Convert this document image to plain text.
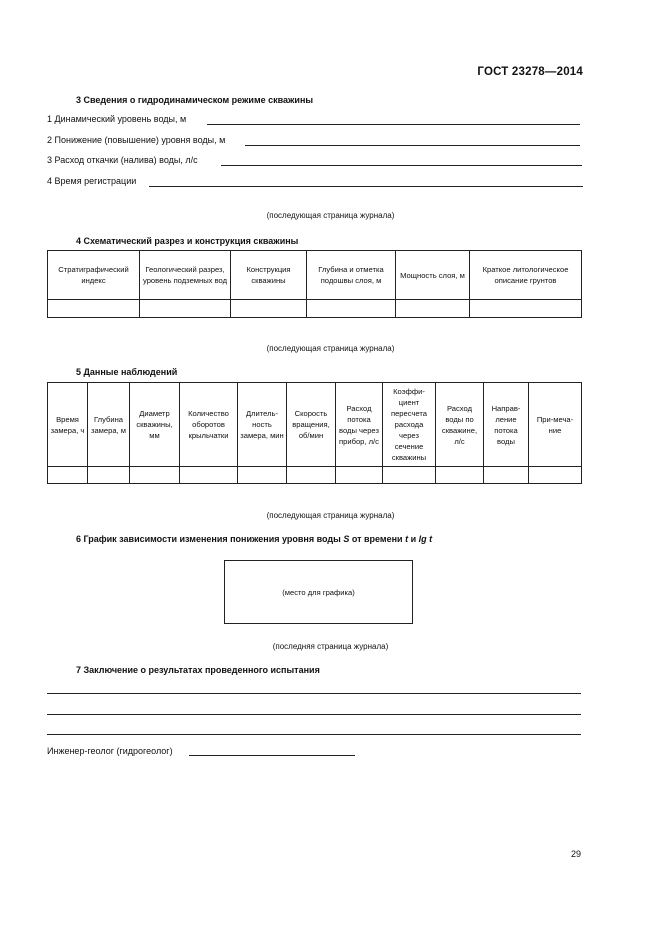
ГОСТ 23278—2014
3 Сведения о гидродинамическом режиме скважины
1 Динамический уровень воды, м
2 Понижение (повышение) уровня воды, м
3 Расход откачки (налива) воды, л/с
4 Время регистрации
(последующая страница журнала)
4 Схематический разрез и конструкция скважины
Стратиграфический индекс	Геологический разрез, уровень подземных вод	Конструкция скважины	Глубина и отметка подошвы слоя, м	Мощность слоя, м	Краткое литологическое описание грунтов

(последующая страница журнала)
5 Данные наблюдений
Время замера, ч	Глубина замера, м	Диаметр скважины, мм	Количество оборотов крыльчатки	Длитель-ность замера, мин	Скорость вращения, об/мин	Расход потока воды через прибор, л/с	Коэффи-циент пересчета расхода через сечение скважины	Расход воды по скважине, л/с	Направ-ление потока воды	При-меча-ние

(последующая страница журнала)
6 График зависимости изменения понижения уровня воды S от времени t и lg t
(место для графика)
(последняя страница журнала)
7 Заключение о результатах проведенного испытания
Инженер-геолог (гидрогеолог)
29
